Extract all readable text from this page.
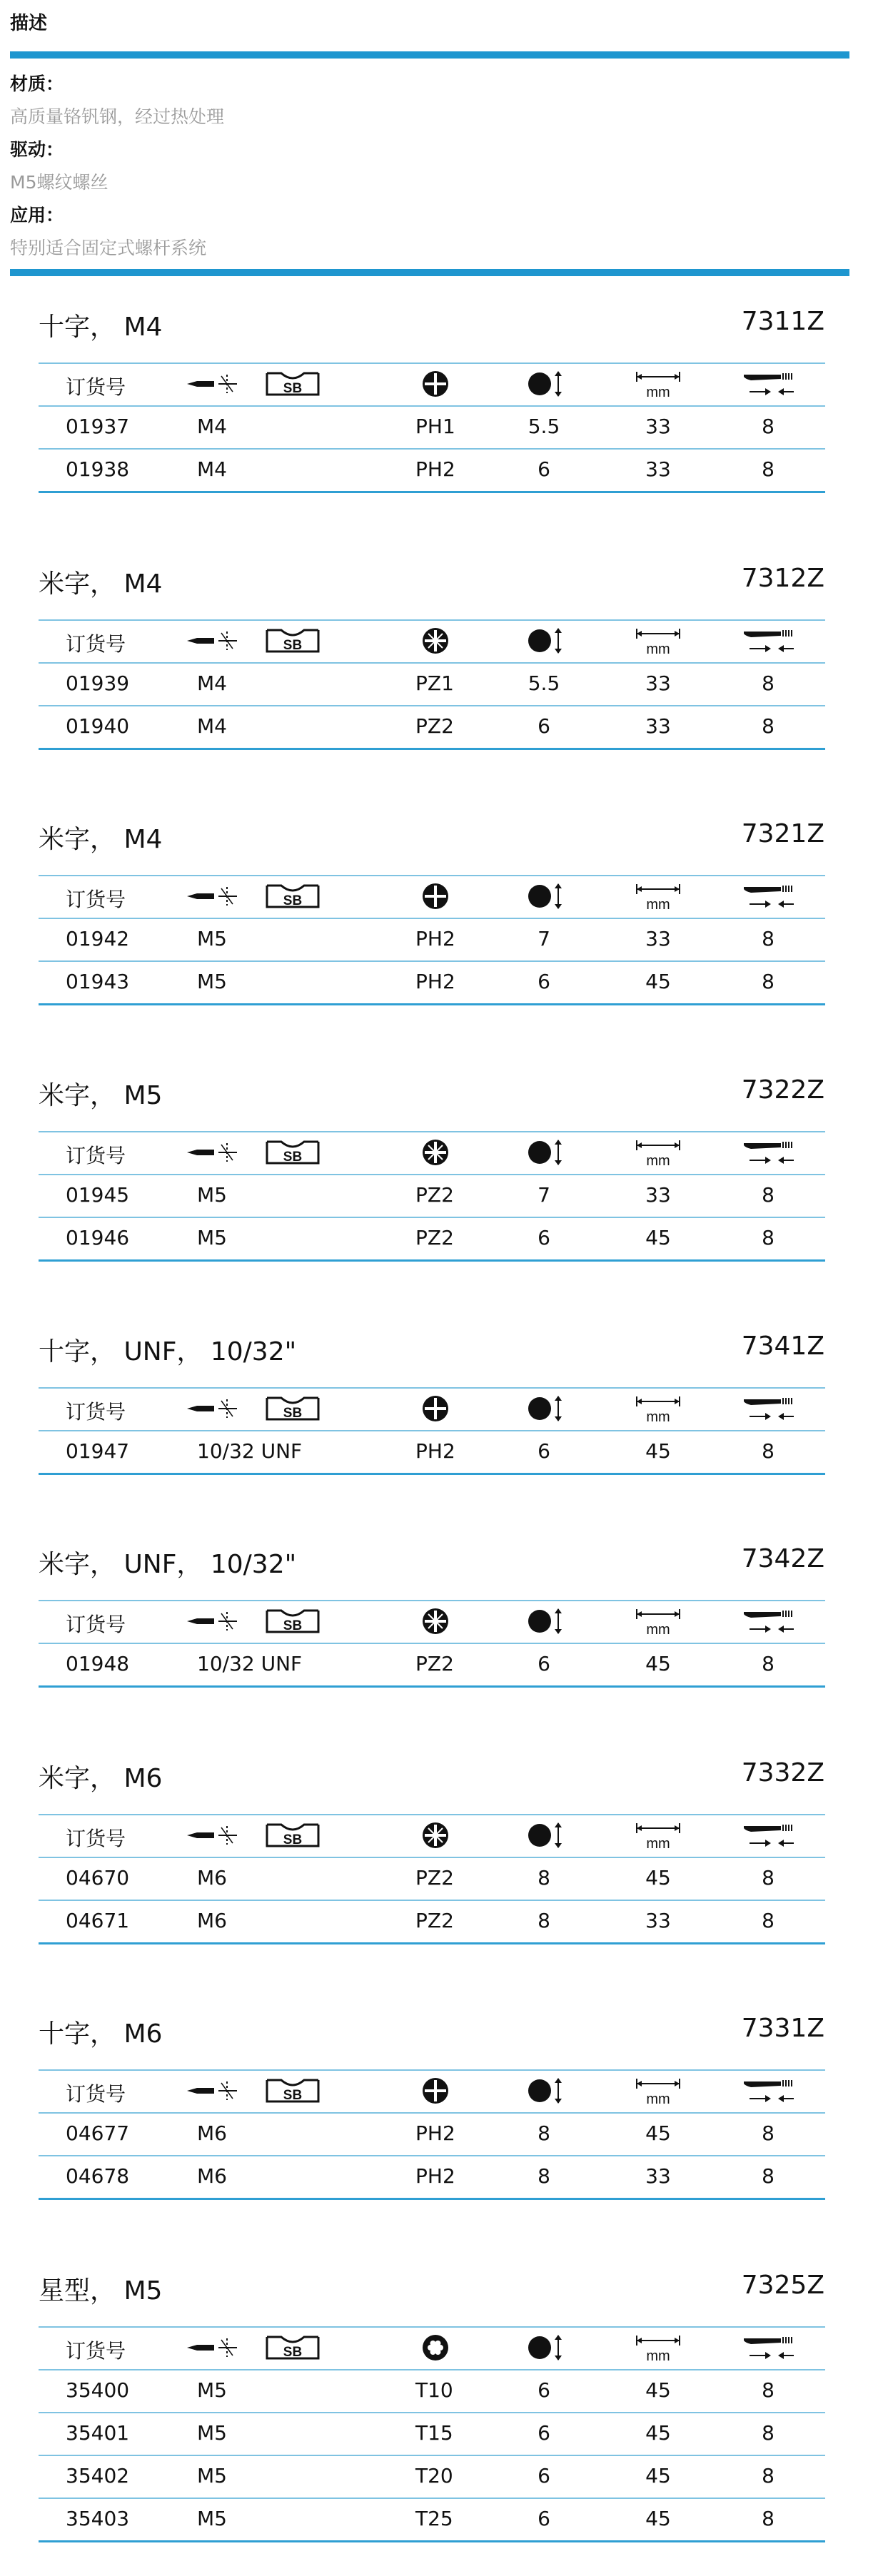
描述
材质：
高质量铬钒钢，经过热处理
驱动：
M5螺纹螺丝
应用：
特别适合固定式螺杆系统
十字， M4	7311Z
订货号	SB	mm
01937	M4	PH1	5.5	33	8
01938	M4	PH2	6	33	8
米字， M4	7312Z
订货号	SB	mm
01939	M4	PZ1	5.5	33	8
01940	M4	PZ2	6	33	8
米字， M4	7321Z
订货号	SB	mm
01942	M5	PH2	7	33	8
01943	M5	PH2	6	45	8
米字， M5	7322Z
订货号	SB	mm
01945	M5	PZ2	7	33	8
01946	M5	PZ2	6	45	8
十字， UNF， 10/32"	7341Z
订货号	SB	mm
01947	10/32 UNF	PH2	6	45	8
米字， UNF， 10/32"	7342Z
订货号	SB	mm
01948	10/32 UNF	PZ2	6	45	8
米字， M6	7332Z
订货号	SB	mm
04670	M6	PZ2	8	45	8
04671	M6	PZ2	8	33	8
十字， M6	7331Z
订货号	SB	mm
04677	M6	PH2	8	45	8
04678	M6	PH2	8	33	8
星型， M5	7325Z
订货号	SB	mm
35400	M5	T10	6	45	8
35401	M5	T15	6	45	8
35402	M5	T20	6	45	8
35403	M5	T25	6	45	8
